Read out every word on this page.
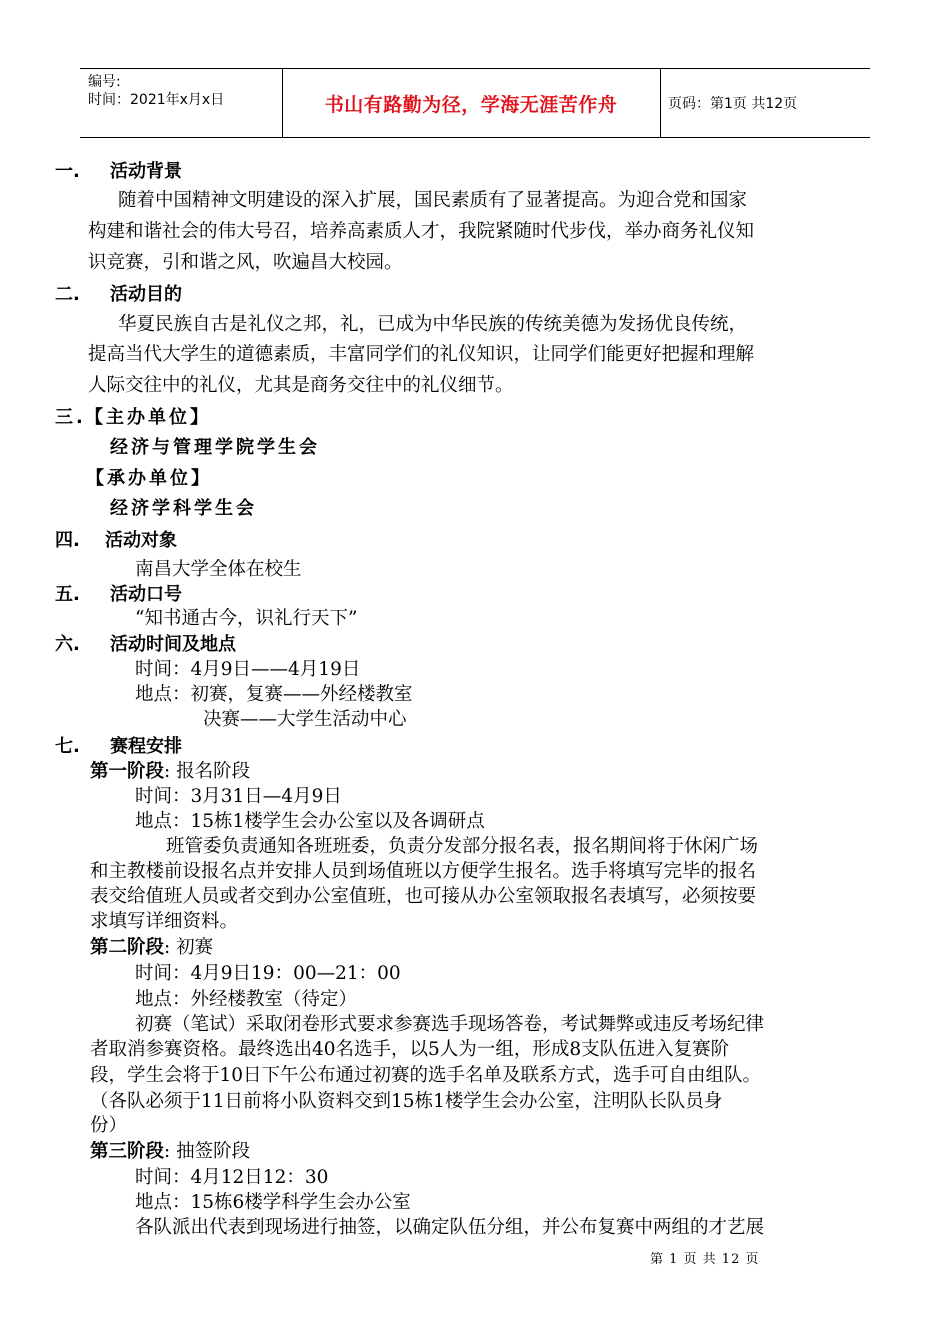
编号:
时间：2021年x月x日	书山有路勤为径，学海无涯苦作舟	页码：第1页 共12页
一. 活动背景
随着中国精神文明建设的深入扩展，国民素质有了显著提高。为迎合党和国家
构建和谐社会的伟大号召，培养高素质人才，我院紧随时代步伐，举办商务礼仪知
识竞赛，引和谐之风，吹遍昌大校园。
二. 活动目的
华夏民族自古是礼仪之邦，礼，已成为中华民族的传统美德为发扬优良传统，
提高当代大学生的道德素质，丰富同学们的礼仪知识，让同学们能更好把握和理解
人际交往中的礼仪，尤其是商务交往中的礼仪细节。
三.【主办单位】
经济与管理学院学生会
【承办单位】
经济学科学生会
四. 活动对象
南昌大学全体在校生
五. 活动口号
“知书通古今，识礼行天下”
六. 活动时间及地点
时间：4月9日——4月19日
地点：初赛，复赛——外经楼教室
决赛——大学生活动中心
七. 赛程安排
第一阶段: 报名阶段
时间：3月31日—4月9日
地点：15栋1楼学生会办公室以及各调研点
班管委负责通知各班班委，负责分发部分报名表，报名期间将于休闲广场
和主教楼前设报名点并安排人员到场值班以方便学生报名。选手将填写完毕的报名
表交给值班人员或者交到办公室值班，也可接从办公室领取报名表填写，必须按要
求填写详细资料。
第二阶段: 初赛
时间：4月9日19：00—21：00
地点：外经楼教室（待定）
初赛（笔试）采取闭卷形式要求参赛选手现场答卷，考试舞弊或违反考场纪律
者取消参赛资格。最终选出40名选手，以5人为一组，形成8支队伍进入复赛阶
段，学生会将于10日下午公布通过初赛的选手名单及联系方式，选手可自由组队。
（各队必须于11日前将小队资料交到15栋1楼学生会办公室，注明队长队员身
份）
第三阶段: 抽签阶段
时间：4月12日12：30
地点：15栋6楼学科学生会办公室
各队派出代表到现场进行抽签，以确定队伍分组，并公布复赛中两组的才艺展
第 1 页 共 12 页
